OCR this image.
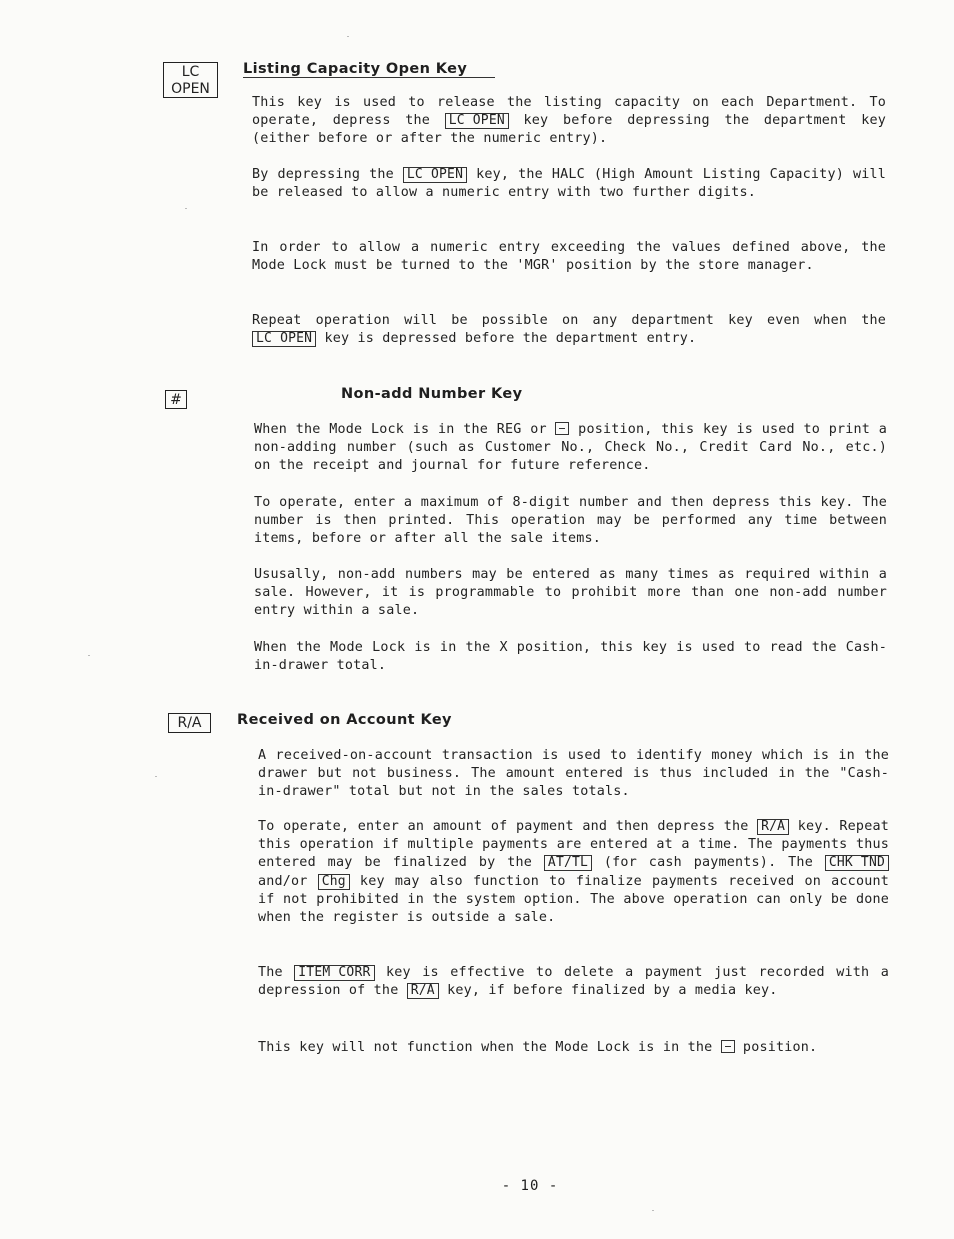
LC
OPEN
Listing Capacity Open Key
This key is used to release the listing capacity on each Department. To operate, depress the LC OPEN key before depressing the department key (either before or after the numeric entry).
By depressing the LC OPEN key, the HALC (High Amount Listing Capacity) will be released to allow a numeric entry with two further digits.
In order to allow a numeric entry exceeding the values defined above, the Mode Lock must be turned to the 'MGR' position by the store manager.
Repeat operation will be possible on any department key even when the LC OPEN key is depressed before the department entry.
#	Non-add Number Key
When the Mode Lock is in the REG or  position, this key is used to print a non-adding number (such as Customer No., Check No., Credit Card No., etc.) on the receipt and journal for future reference.
To operate, enter a maximum of 8-digit number and then depress this key. The number is then printed. This operation may be performed any time between items, before or after all the sale items.
Ususally, non-add numbers may be entered as many times as required within a sale. However, it is programmable to prohibit more than one non-add number entry within a sale.
When the Mode Lock is in the X position, this key is used to read the Cash-in-drawer total.
R/A	Received on Account Key
A received-on-account transaction is used to identify money which is in the drawer but not business. The amount entered is thus included in the "Cash-in-drawer" total but not in the sales totals.
To operate, enter an amount of payment and then depress the R/A key. Repeat this operation if multiple payments are entered at a time. The payments thus entered may be finalized by the AT/TL (for cash payments). The CHK TND and/or Chg key may also function to finalize payments received on account if not prohibited in the system option. The above operation can only be done when the register is outside a sale.
The ITEM CORR key is effective to delete a payment just recorded with a depression of the R/A key, if before finalized by a media key.
This key will not function when the Mode Lock is in the  position.
- 10 -
